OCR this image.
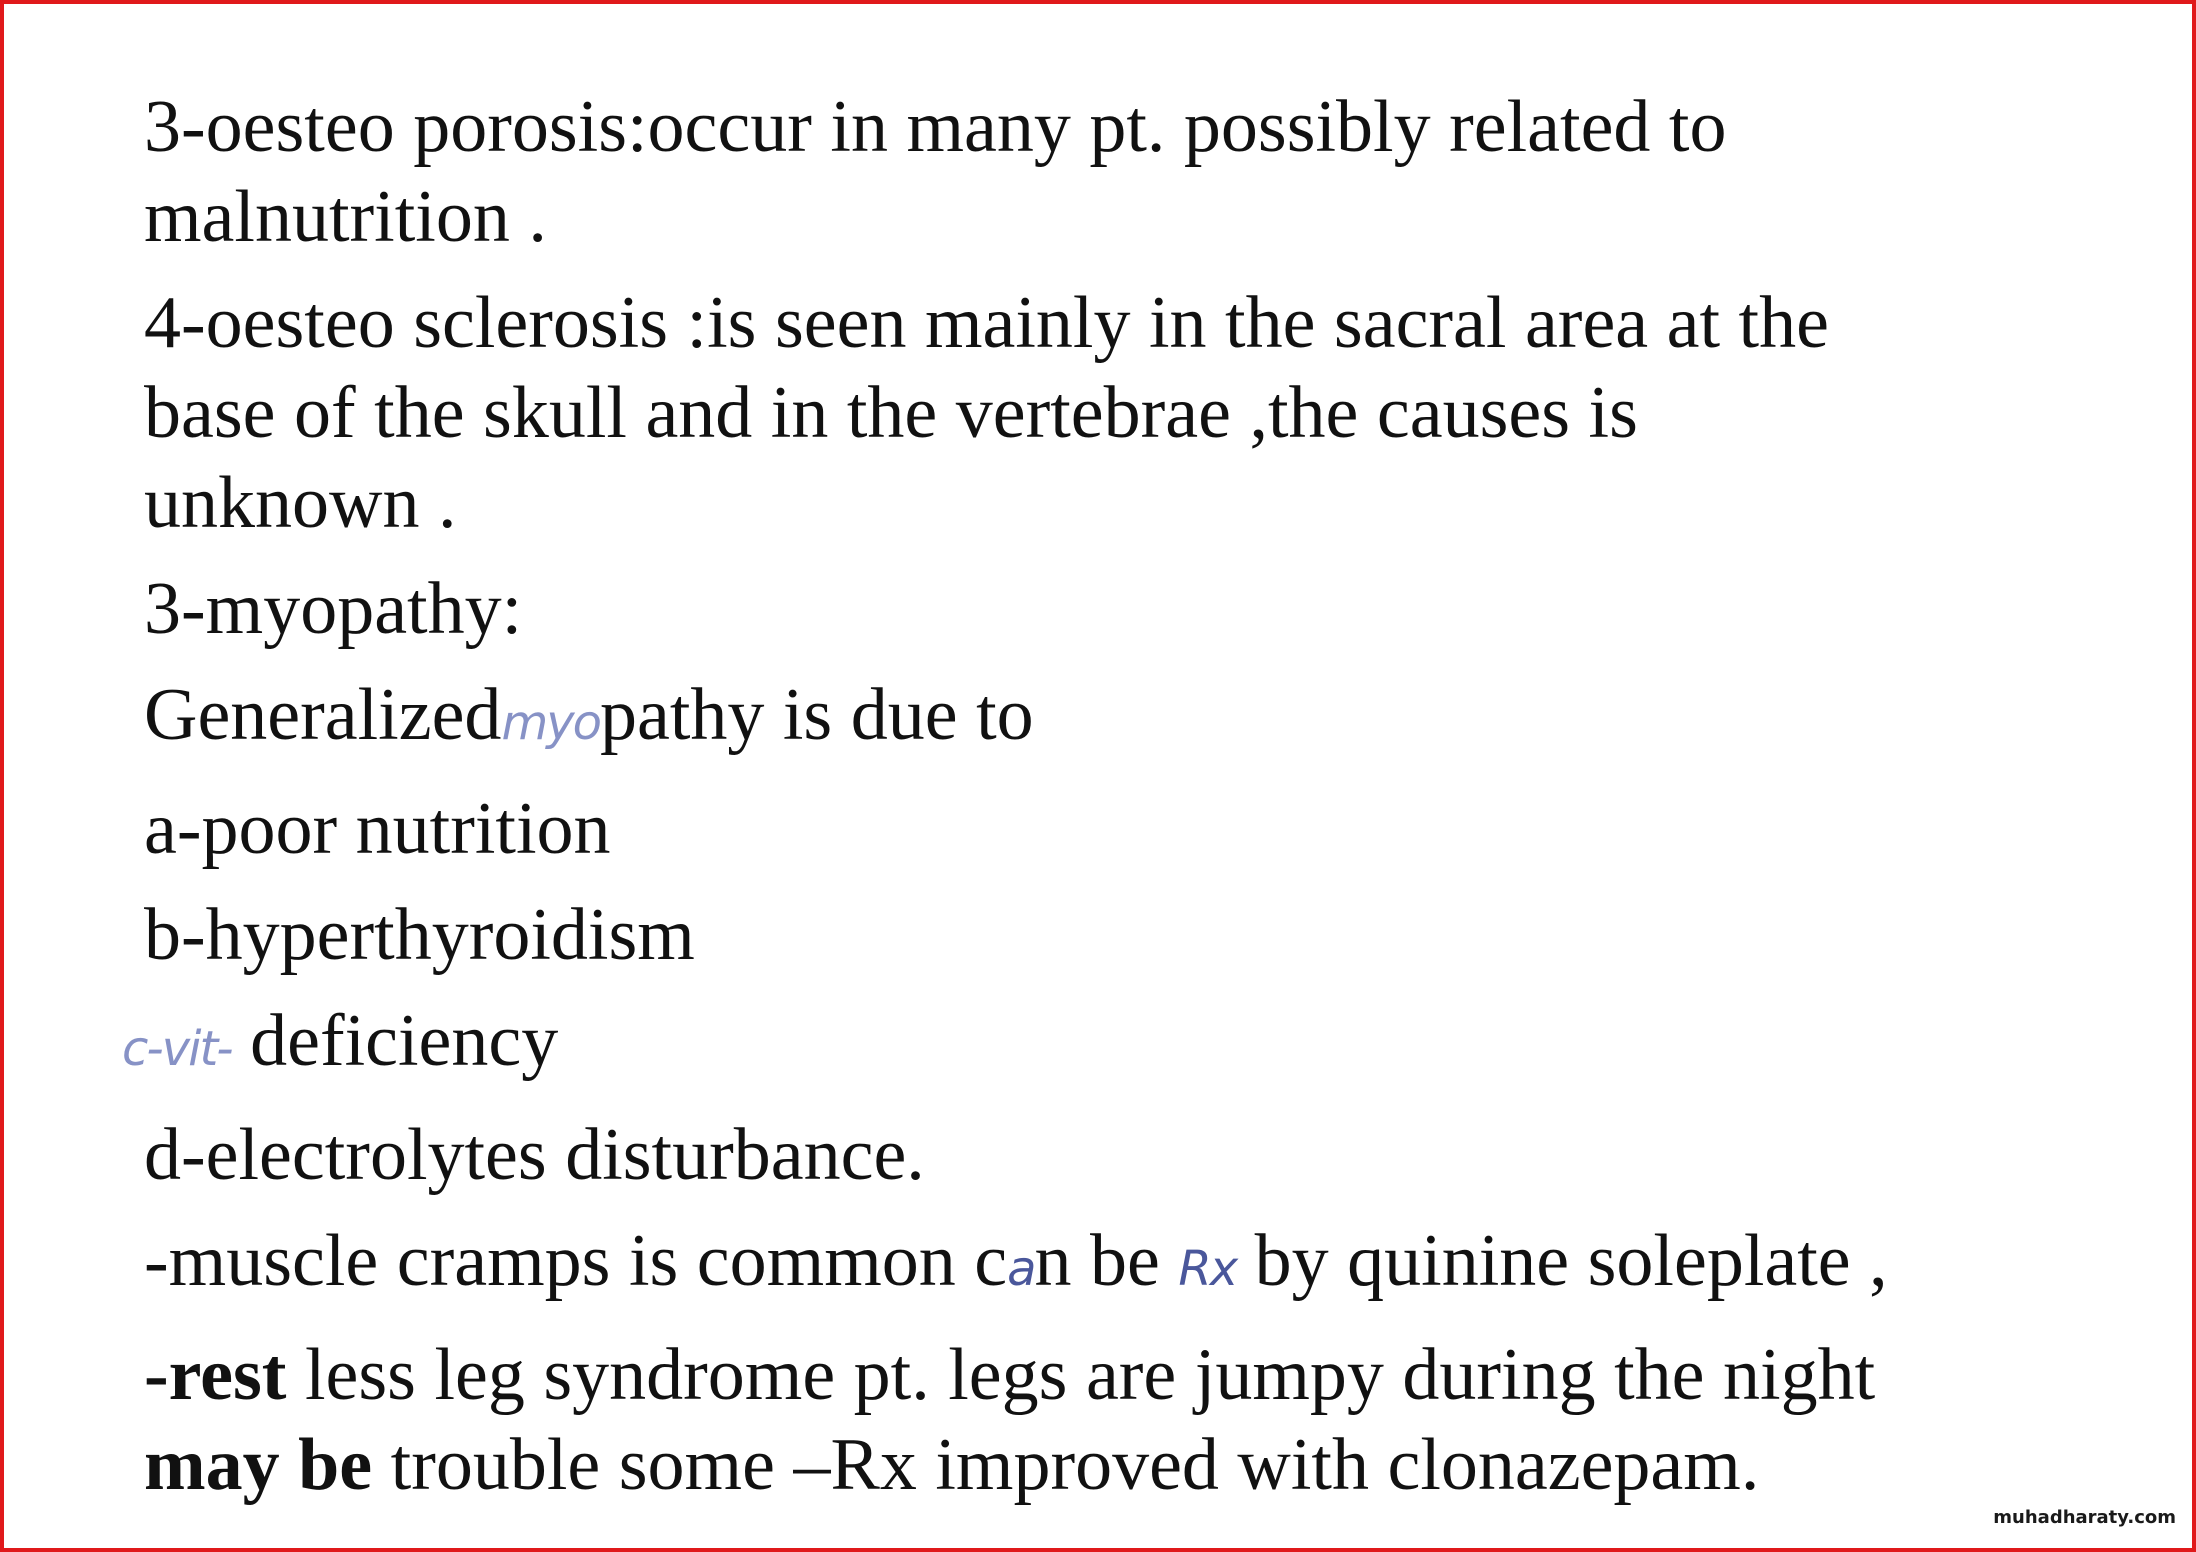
3-oesteo porosis:occur in many pt. possibly related to
malnutrition .
4-oesteo sclerosis :is seen mainly in the sacral area at the
base of the skull and in the vertebrae ,the causes is
unknown .
3-myopathy:
Generalizedmyopathy is due to
a-poor nutrition
b-hyperthyroidism
c-vit- deficiency
d-electrolytes disturbance.
-muscle cramps is common can be Rx by quinine soleplate ,
-rest less leg syndrome pt. legs are jumpy during the night
may be trouble some –Rx improved with clonazepam.
muhadharaty.com
